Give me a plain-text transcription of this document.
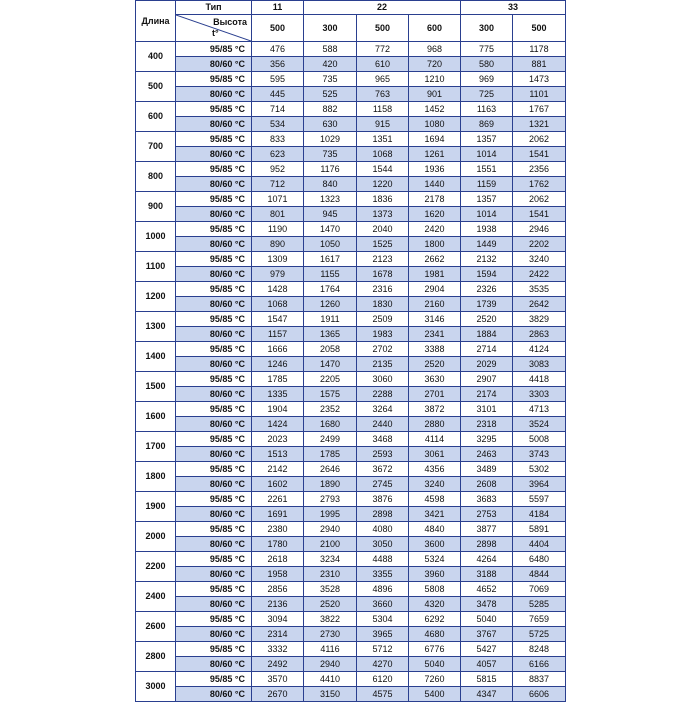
Длина	Тип	11	22			33	

	Высота
t°	500	300	500	600	300	500
400	95/85 °C	476	588	772	968	775	1178
	80/60 °C	356	420	610	720	580	881
500	95/85 °C	595	735	965	1210	969	1473
	80/60 °C	445	525	763	901	725	1101
600	95/85 °C	714	882	1158	1452	1163	1767
	80/60 °C	534	630	915	1080	869	1321
700	95/85 °C	833	1029	1351	1694	1357	2062
	80/60 °C	623	735	1068	1261	1014	1541
800	95/85 °C	952	1176	1544	1936	1551	2356
	80/60 °C	712	840	1220	1440	1159	1762
900	95/85 °C	1071	1323	1836	2178	1357	2062
	80/60 °C	801	945	1373	1620	1014	1541
1000	95/85 °C	1190	1470	2040	2420	1938	2946
	80/60 °C	890	1050	1525	1800	1449	2202
1100	95/85 °C	1309	1617	2123	2662	2132	3240
	80/60 °C	979	1155	1678	1981	1594	2422
1200	95/85 °C	1428	1764	2316	2904	2326	3535
	80/60 °C	1068	1260	1830	2160	1739	2642
1300	95/85 °C	1547	1911	2509	3146	2520	3829
	80/60 °C	1157	1365	1983	2341	1884	2863
1400	95/85 °C	1666	2058	2702	3388	2714	4124
	80/60 °C	1246	1470	2135	2520	2029	3083
1500	95/85 °C	1785	2205	3060	3630	2907	4418
	80/60 °C	1335	1575	2288	2701	2174	3303
1600	95/85 °C	1904	2352	3264	3872	3101	4713
	80/60 °C	1424	1680	2440	2880	2318	3524
1700	95/85 °C	2023	2499	3468	4114	3295	5008
	80/60 °C	1513	1785	2593	3061	2463	3743
1800	95/85 °C	2142	2646	3672	4356	3489	5302
	80/60 °C	1602	1890	2745	3240	2608	3964
1900	95/85 °C	2261	2793	3876	4598	3683	5597
	80/60 °C	1691	1995	2898	3421	2753	4184
2000	95/85 °C	2380	2940	4080	4840	3877	5891
	80/60 °C	1780	2100	3050	3600	2898	4404
2200	95/85 °C	2618	3234	4488	5324	4264	6480
	80/60 °C	1958	2310	3355	3960	3188	4844
2400	95/85 °C	2856	3528	4896	5808	4652	7069
	80/60 °C	2136	2520	3660	4320	3478	5285
2600	95/85 °C	3094	3822	5304	6292	5040	7659
	80/60 °C	2314	2730	3965	4680	3767	5725
2800	95/85 °C	3332	4116	5712	6776	5427	8248
	80/60 °C	2492	2940	4270	5040	4057	6166
3000	95/85 °C	3570	4410	6120	7260	5815	8837
	80/60 °C	2670	3150	4575	5400	4347	6606
